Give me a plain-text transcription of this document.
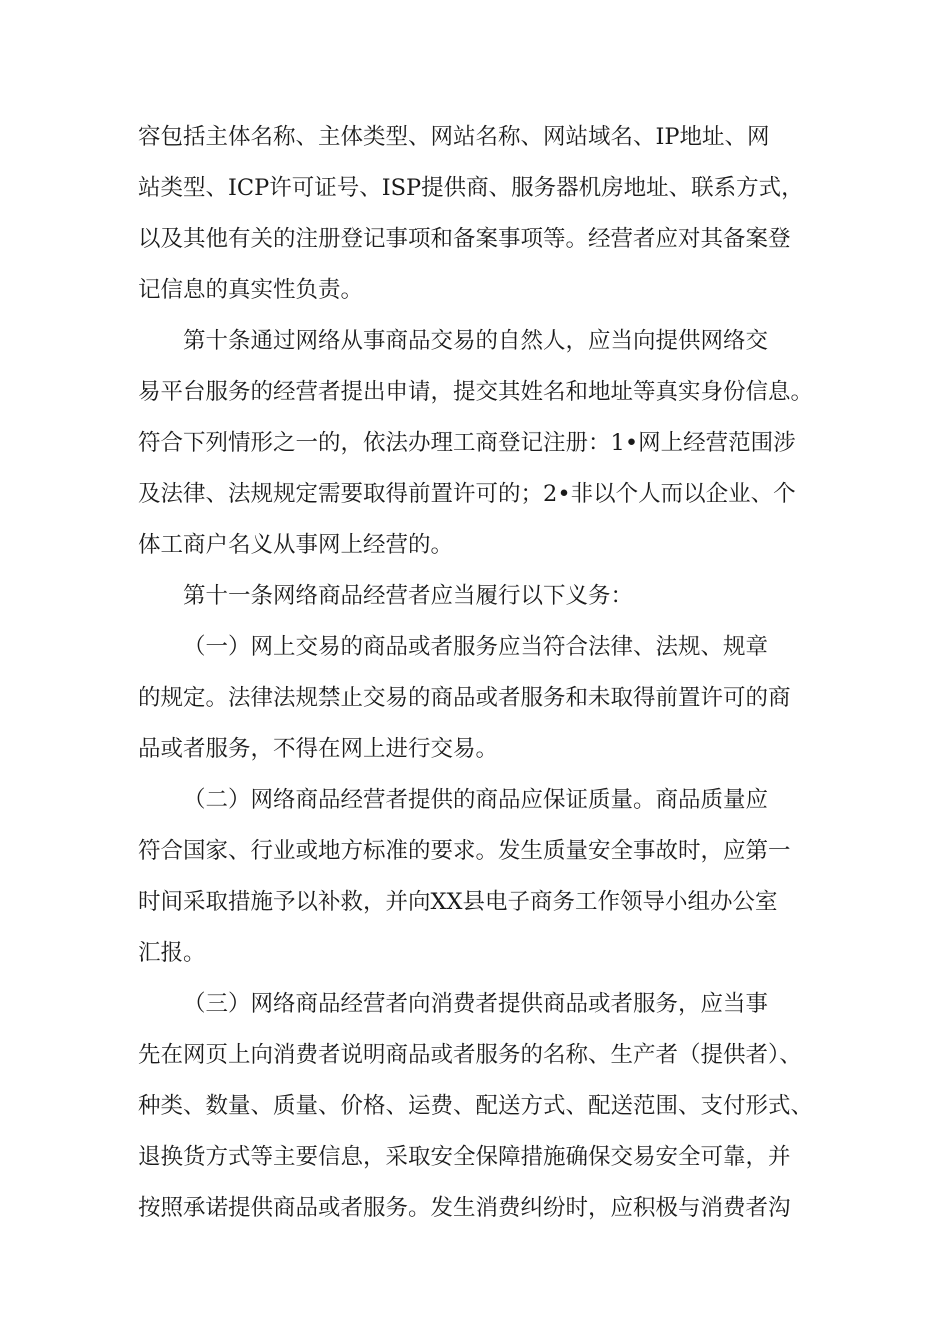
容包括主体名称、主体类型、网站名称、网站域名、IP地址、网
站类型、ICP许可证号、ISP提供商、服务器机房地址、联系方式，
以及其他有关的注册登记事项和备案事项等。经营者应对其备案登
记信息的真实性负责。
第十条通过网络从事商品交易的自然人，应当向提供网络交
易平台服务的经营者提出申请，提交其姓名和地址等真实身份信息。
符合下列情形之一的，依法办理工商登记注册：1•网上经营范围涉
及法律、法规规定需要取得前置许可的；2•非以个人而以企业、个
体工商户名义从事网上经营的。
第十一条网络商品经营者应当履行以下义务：
（一）网上交易的商品或者服务应当符合法律、法规、规章
的规定。法律法规禁止交易的商品或者服务和未取得前置许可的商
品或者服务，不得在网上进行交易。
（二）网络商品经营者提供的商品应保证质量。商品质量应
符合国家、行业或地方标准的要求。发生质量安全事故时，应第一
时间采取措施予以补救，并向XX县电子商务工作领导小组办公室
汇报。
（三）网络商品经营者向消费者提供商品或者服务，应当事
先在网页上向消费者说明商品或者服务的名称、生产者（提供者）、
种类、数量、质量、价格、运费、配送方式、配送范围、支付形式、
退换货方式等主要信息，采取安全保障措施确保交易安全可靠，并
按照承诺提供商品或者服务。发生消费纠纷时，应积极与消费者沟
